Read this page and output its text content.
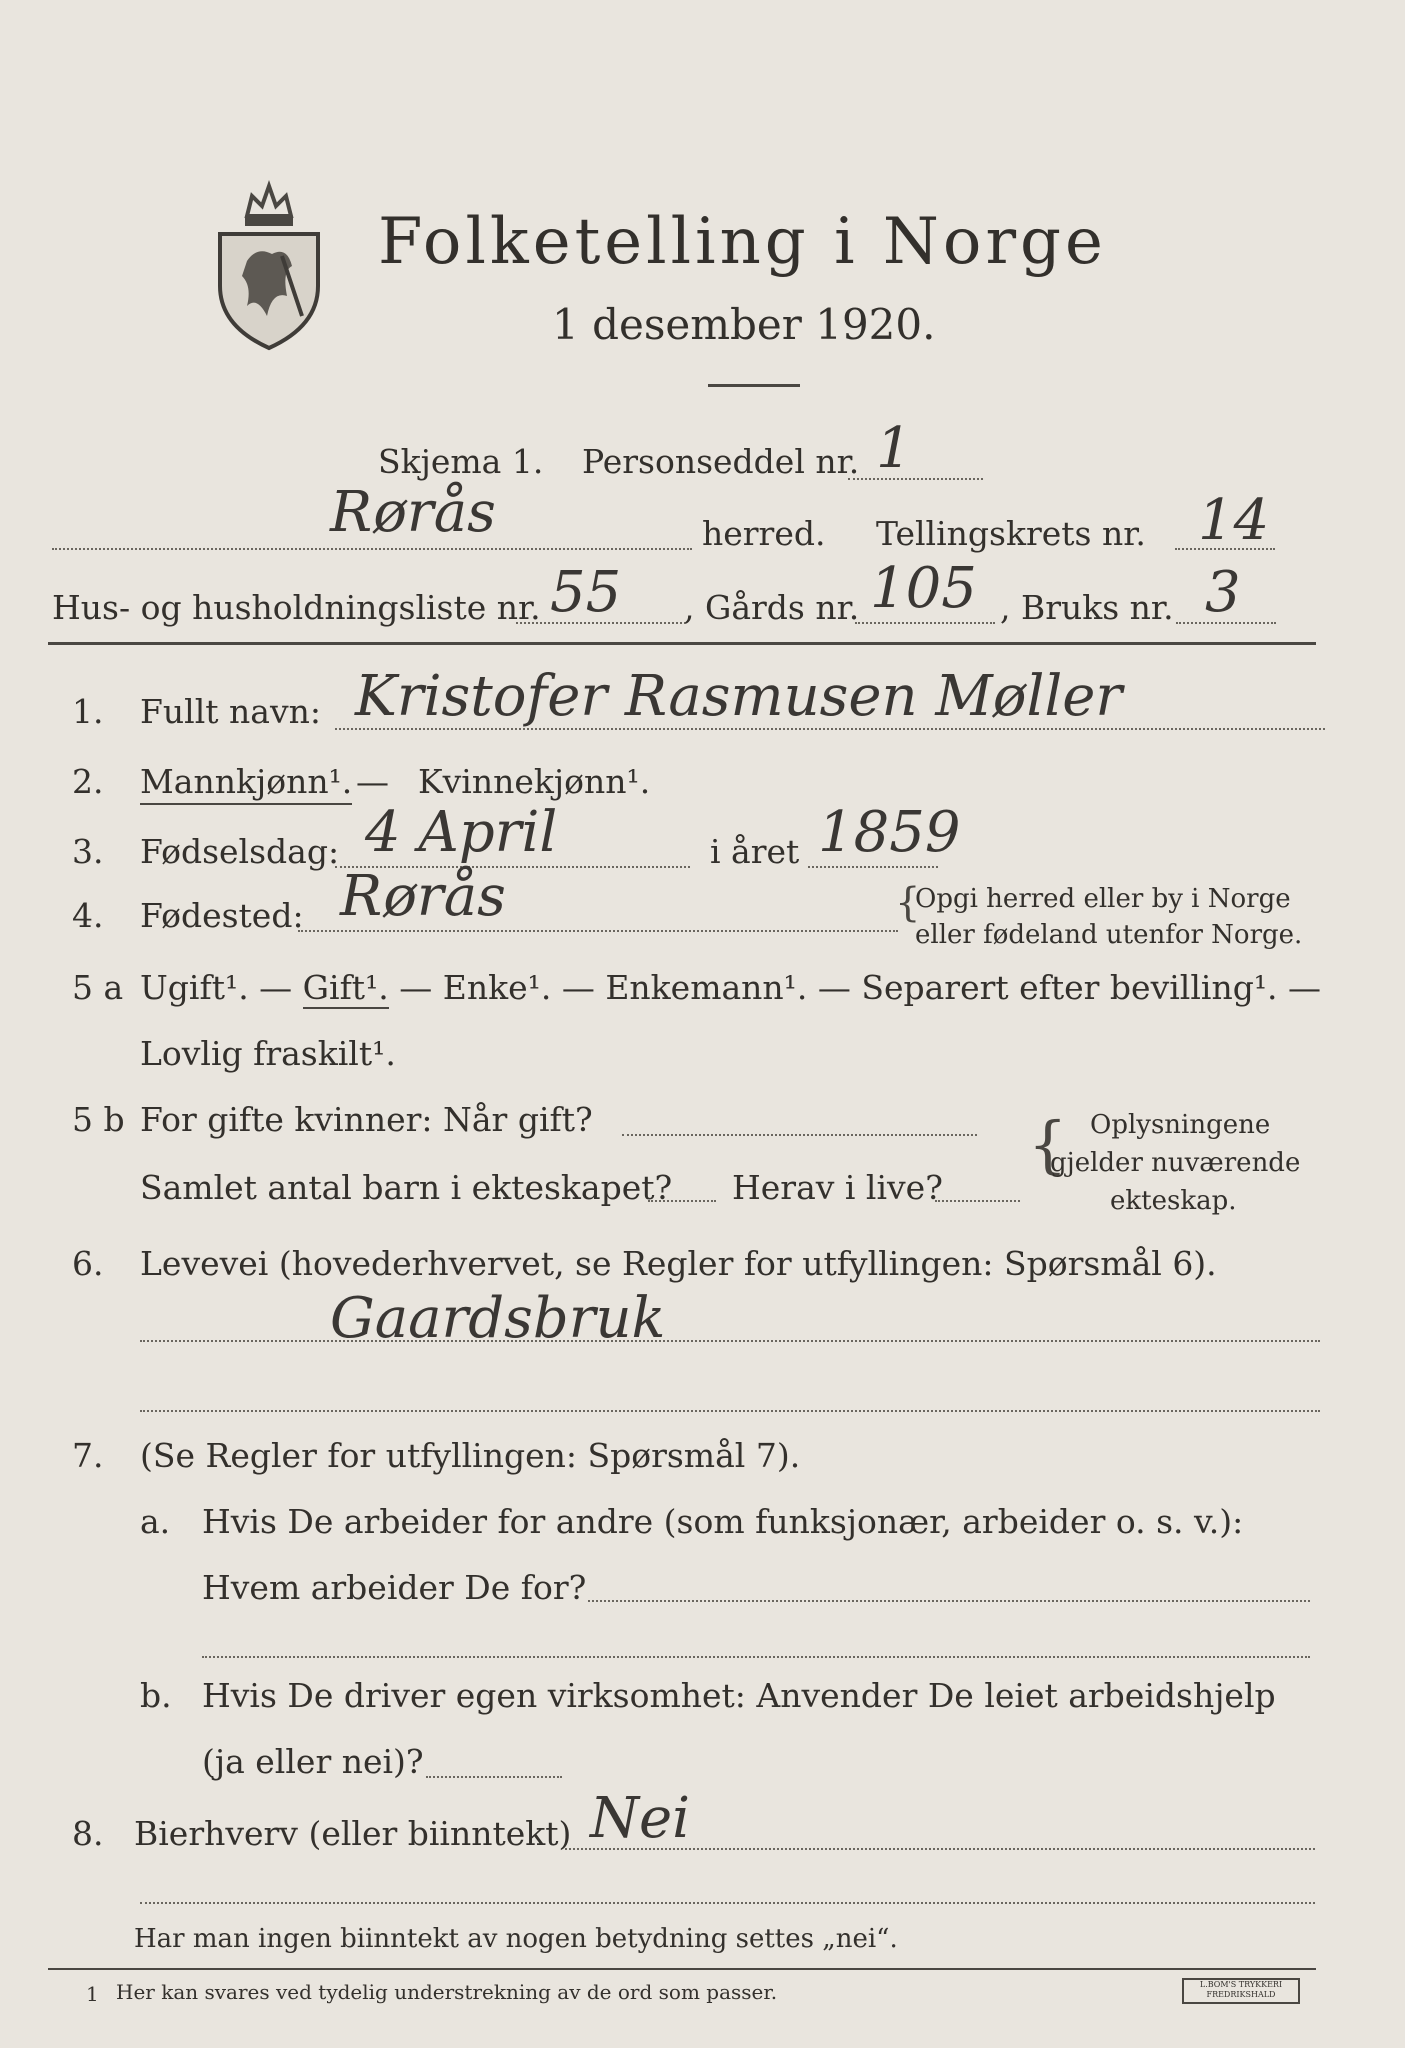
Folketelling i Norge
1 desember 1920.
Skjema 1. Personseddel nr. 1
Rørås	herred. Tellingskrets nr. 14
Hus- og husholdningsliste nr. 55 , Gårds nr. 105 , Bruks nr. 3
1. Fullt navn: Kristofer Rasmusen Møller
2. Mannkjønn¹. — Kvinnekjønn¹.
3. Fødselsdag: 4 April	i året 1859
4. Fødested: Rørås	{
Opgi herred eller by i Norge
eller fødeland utenfor Norge.
5 a Ugift¹. — Gift¹. — Enke¹. — Enkemann¹. — Separert efter bevilling¹. —
Lovlig fraskilt¹.
5 b For gifte kvinner: Når gift?
Samlet antal barn i ekteskapet? Herav i live?
{ Oplysningene
gjelder nuværende
ekteskap.
6. Levevei (hovederhvervet, se Regler for utfyllingen: Spørsmål 6).
Gaardsbruk
7. (Se Regler for utfyllingen: Spørsmål 7).
a. Hvis De arbeider for andre (som funksjonær, arbeider o. s. v.):
Hvem arbeider De for?
b. Hvis De driver egen virksomhet: Anvender De leiet arbeidshjelp
(ja eller nei)?
8. Bierhverv (eller biinntekt) Nei
Har man ingen biinntekt av nogen betydning settes „nei“.
1 Her kan svares ved tydelig understrekning av de ord som passer.	L.BOM'S TRYKKERI FREDRIKSHALD
